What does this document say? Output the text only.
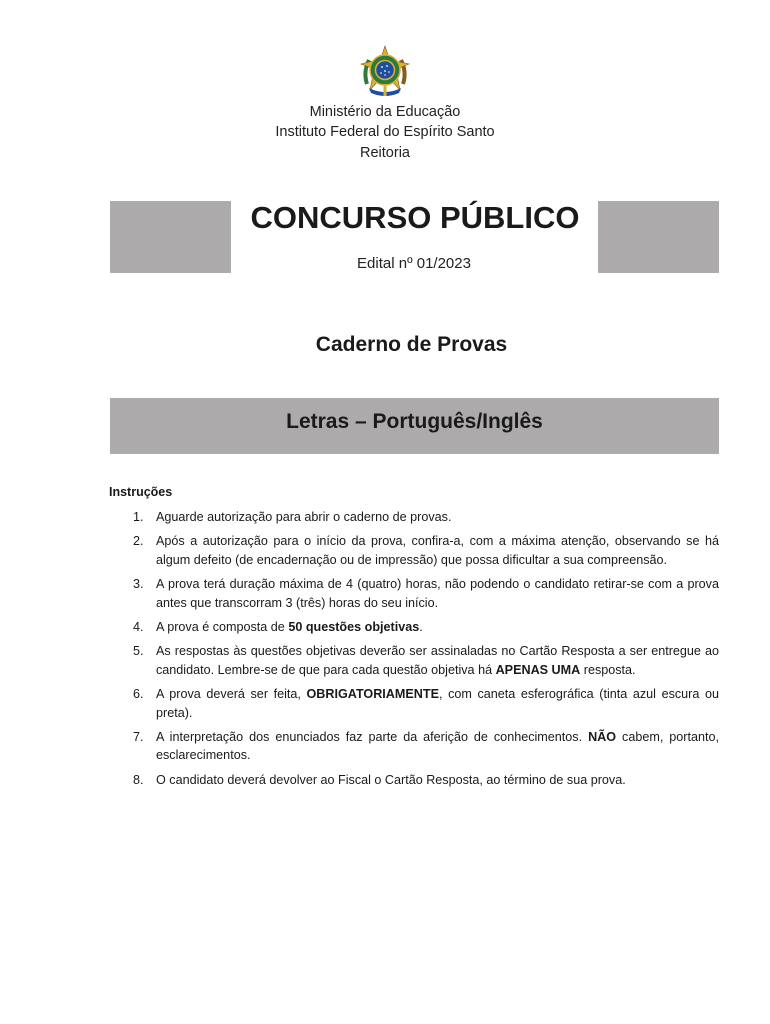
Ministério da Educação
Instituto Federal do Espírito Santo
Reitoria
CONCURSO PÚBLICO
Edital nº 01/2023
Caderno de Provas
Letras – Português/Inglês
Instruções
1. Aguarde autorização para abrir o caderno de provas.
2. Após a autorização para o início da prova, confira-a, com a máxima atenção, observando se há algum defeito (de encadernação ou de impressão) que possa dificultar a sua compreensão.
3. A prova terá duração máxima de 4 (quatro) horas, não podendo o candidato retirar-se com a prova antes que transcorram 3 (três) horas do seu início.
4. A prova é composta de 50 questões objetivas.
5. As respostas às questões objetivas deverão ser assinaladas no Cartão Resposta a ser entregue ao candidato. Lembre-se de que para cada questão objetiva há APENAS UMA resposta.
6. A prova deverá ser feita, OBRIGATORIAMENTE, com caneta esferográfica (tinta azul escura ou preta).
7. A interpretação dos enunciados faz parte da aferição de conhecimentos. NÃO cabem, portanto, esclarecimentos.
8. O candidato deverá devolver ao Fiscal o Cartão Resposta, ao término de sua prova.
